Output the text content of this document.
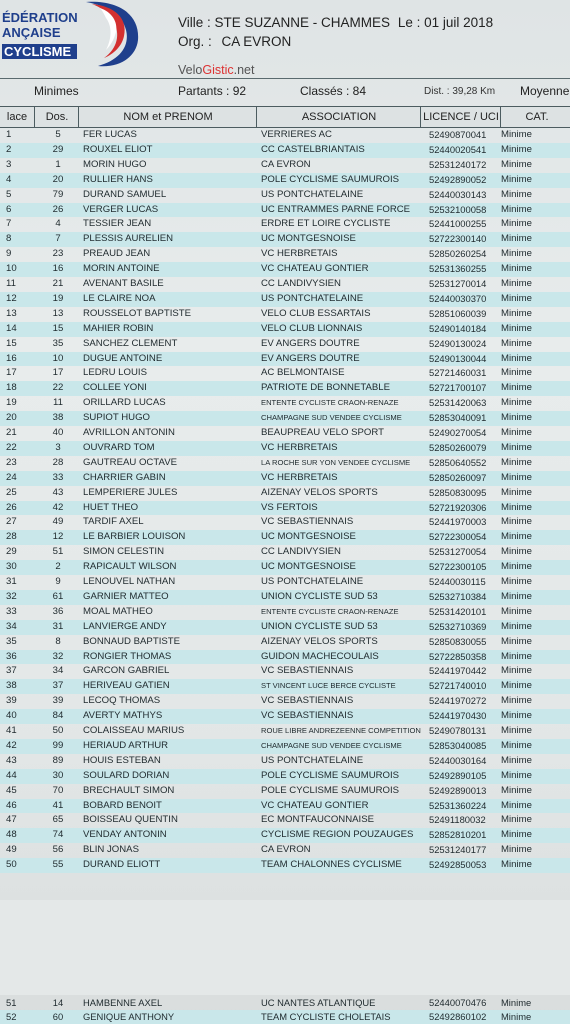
ÉDÉRATION
ANÇAISE
CYCLISME
Ville : STE SUZANNE - CHAMMES Le : 01 juil 2018
Org. : CA EVRON
VeloGistic.net
Minimes	Partants : 92	Classés : 84	Dist. : 39,28 Km Moyenne
lace	Dos.	NOM et PRENOM	ASSOCIATION	LICENCE / UCI	CAT.
1	5	FER LUCAS	VERRIERES AC	52490870041 Minime
2	29	ROUXEL ELIOT	CC CASTELBRIANTAIS	52440020541 Minime
3	1	MORIN HUGO	CA EVRON	52531240172 Minime
4	20	RULLIER HANS	POLE CYCLISME SAUMUROIS	52492890052 Minime
5	79	DURAND SAMUEL	US PONTCHATELAINE	52440030143 Minime
6	26	VERGER LUCAS	UC ENTRAMMES PARNE FORCE 52532100058 Minime
7	4	TESSIER JEAN	ERDRE ET LOIRE CYCLISTE	52441000255 Minime
8	7	PLESSIS AURELIEN	UC MONTGESNOISE	52722300140 Minime
9	23	PREAUD JEAN	VC HERBRETAIS	52850260254 Minime
10	16	MORIN ANTOINE	VC CHATEAU GONTIER	52531360255 Minime
11	21	AVENANT BASILE	CC LANDIVYSIEN	52531270014 Minime
12	19	LE CLAIRE NOA	US PONTCHATELAINE	52440030370 Minime
13	13	ROUSSELOT BAPTISTE	VELO CLUB ESSARTAIS	52851060039 Minime
14	15	MAHIER ROBIN	VELO CLUB LIONNAIS	52490140184 Minime
15	35	SANCHEZ CLEMENT	EV ANGERS DOUTRE	52490130024 Minime
16	10	DUGUE ANTOINE	EV ANGERS DOUTRE	52490130044 Minime
17	17	LEDRU LOUIS	AC BELMONTAISE	52721460031 Minime
18	22	COLLEE YONI	PATRIOTE DE BONNETABLE	52721700107 Minime
19	11	ORILLARD LUCAS	ENTENTE CYCLISTE CRAON-RENAZE	52531420063 Minime
20	38	SUPIOT HUGO	CHAMPAGNE SUD VENDEE CYCLISME	52853040091 Minime
21	40	AVRILLON ANTONIN	BEAUPREAU VELO SPORT	52490270054 Minime
22	3	OUVRARD TOM	VC HERBRETAIS	52850260079 Minime
23	28	GAUTREAU OCTAVE	LA ROCHE SUR YON VENDEE CYCLISME 52850640552 Minime
24	33	CHARRIER GABIN	VC HERBRETAIS	52850260097 Minime
25	43	LEMPERIERE JULES	AIZENAY VELOS SPORTS	52850830095 Minime
26	42	HUET THEO	VS FERTOIS	52721920306 Minime
27	49	TARDIF AXEL	VC SEBASTIENNAIS	52441970003 Minime
28	12	LE BARBIER LOUISON	UC MONTGESNOISE	52722300054 Minime
29	51	SIMON CELESTIN	CC LANDIVYSIEN	52531270054 Minime
30	2	RAPICAULT WILSON	UC MONTGESNOISE	52722300105 Minime
31	9	LENOUVEL NATHAN	US PONTCHATELAINE	52440030115 Minime
32	61	GARNIER MATTEO	UNION CYCLISTE SUD 53	52532710384 Minime
33	36	MOAL MATHEO	ENTENTE CYCLISTE CRAON-RENAZE	52531420101 Minime
34	31	LANVIERGE ANDY	UNION CYCLISTE SUD 53	52532710369 Minime
35	8	BONNAUD BAPTISTE	AIZENAY VELOS SPORTS	52850830055 Minime
36	32	RONGIER THOMAS	GUIDON MACHECOULAIS	52722850358 Minime
37	34	GARCON GABRIEL	VC SEBASTIENNAIS	52441970442 Minime
38	37	HERIVEAU GATIEN	ST VINCENT LUCE BERCE CYCLISTE	52721740010 Minime
39	39	LECOQ THOMAS	VC SEBASTIENNAIS	52441970272 Minime
40	84	AVERTY MATHYS	VC SEBASTIENNAIS	52441970430 Minime
41	50	COLAISSEAU MARIUS	ROUE LIBRE ANDREZEENNE COMPETITION 52490780131 Minime
42	99	HERIAUD ARTHUR	CHAMPAGNE SUD VENDEE CYCLISME	52853040085 Minime
43	89	HOUIS ESTEBAN	US PONTCHATELAINE	52440030164 Minime
44	30	SOULARD DORIAN	POLE CYCLISME SAUMUROIS	52492890105 Minime
45	70	BRECHAULT SIMON	POLE CYCLISME SAUMUROIS	52492890013 Minime
46	41	BOBARD BENOIT	VC CHATEAU GONTIER	52531360224 Minime
47	65	BOISSEAU QUENTIN	EC MONTFAUCONNAISE	52491180032 Minime
48	74	VENDAY ANTONIN	CYCLISME REGION POUZAUGES 52852810201 Minime
49	56	BLIN JONAS	CA EVRON	52531240177 Minime
50	55	DURAND ELIOTT	TEAM CHALONNES CYCLISME	52492850053 Minime
51	14	HAMBENNE AXEL	UC NANTES ATLANTIQUE	52440070476 Minime
52	60	GENIQUE ANTHONY	TEAM CYCLISTE CHOLETAIS	52492860102 Minime
